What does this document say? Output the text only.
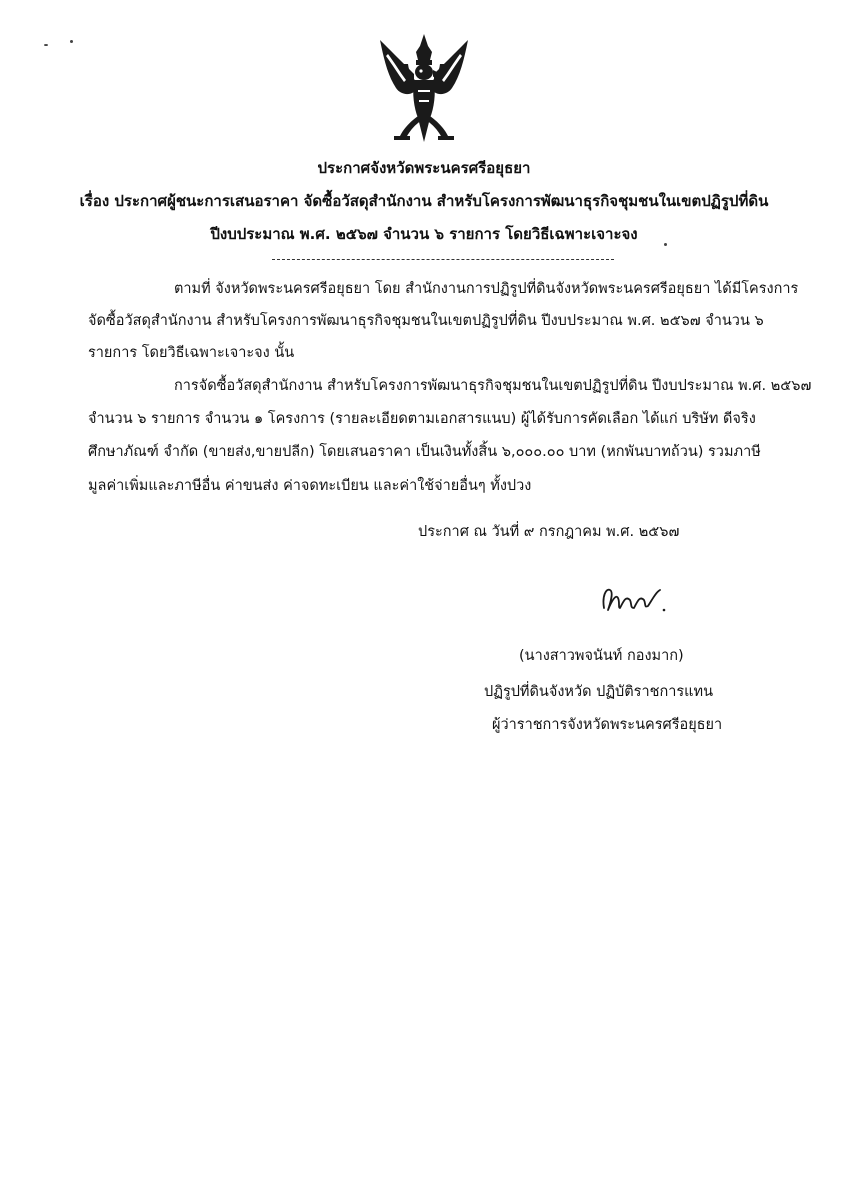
ประกาศจังหวัดพระนครศรีอยุธยา
เรื่อง ประกาศผู้ชนะการเสนอราคา จัดซื้อวัสดุสำนักงาน สำหรับโครงการพัฒนาธุรกิจชุมชนในเขตปฏิรูปที่ดิน
ปีงบประมาณ พ.ศ. ๒๕๖๗ จำนวน ๖ รายการ โดยวิธีเฉพาะเจาะจง
ตามที่ จังหวัดพระนครศรีอยุธยา โดย สำนักงานการปฏิรูปที่ดินจังหวัดพระนครศรีอยุธยา ได้มีโครงการ
จัดซื้อวัสดุสำนักงาน สำหรับโครงการพัฒนาธุรกิจชุมชนในเขตปฏิรูปที่ดิน ปีงบประมาณ พ.ศ. ๒๕๖๗ จำนวน ๖
รายการ โดยวิธีเฉพาะเจาะจง นั้น
การจัดซื้อวัสดุสำนักงาน สำหรับโครงการพัฒนาธุรกิจชุมชนในเขตปฏิรูปที่ดิน ปีงบประมาณ พ.ศ. ๒๕๖๗
จำนวน ๖ รายการ จำนวน ๑ โครงการ (รายละเอียดตามเอกสารแนบ) ผู้ได้รับการคัดเลือก ได้แก่ บริษัท ดีจริง
ศึกษาภัณฑ์ จำกัด (ขายส่ง,ขายปลีก) โดยเสนอราคา เป็นเงินทั้งสิ้น ๖,๐๐๐.๐๐ บาท (หกพันบาทถ้วน) รวมภาษี
มูลค่าเพิ่มและภาษีอื่น ค่าขนส่ง ค่าจดทะเบียน และค่าใช้จ่ายอื่นๆ ทั้งปวง
ประกาศ ณ วันที่ ๙ กรกฎาคม พ.ศ. ๒๕๖๗
(นางสาวพจนันท์ กองมาก)
ปฏิรูปที่ดินจังหวัด ปฏิบัติราชการแทน
ผู้ว่าราชการจังหวัดพระนครศรีอยุธยา
